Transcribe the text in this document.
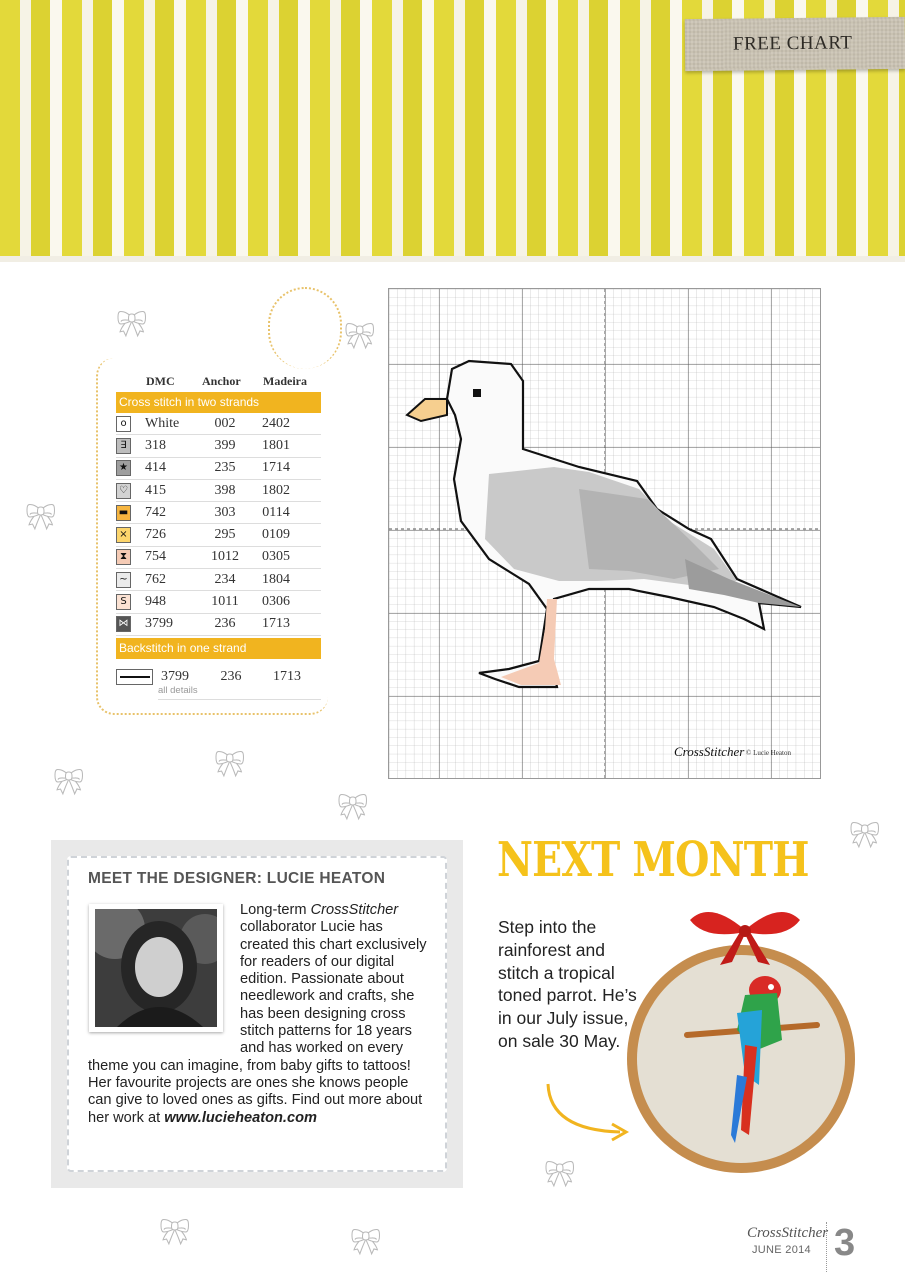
FREE CHART
🎀︎	🎀︎
🎀︎
🎀︎
🎀︎
🎀︎
🎀︎
🎀︎
🎀︎	🎀︎
DMC	Anchor	Madeira
Cross stitch in two strands
o	White	002	2402
∃	318	399	1801
★ 414	235	1714
♡ 415	398	1802
▬ 742	303	0114
× 726	295	0109
⧗ 754	1012	0305
~ 762	234	1804
S	948	1011	0306
⋈ 3799	236	1713
Backstitch in one strand
3799	236	1713
all details
CrossStitcher © Lucie Heaton
MEET THE DESIGNER: LUCIE HEATON
Long-term CrossStitcher collaborator Lucie has created this chart exclusively for readers of our digital edition. Passionate about needlework and crafts, she has been designing cross stitch patterns for 18 years and has worked on every theme you can imagine, from baby gifts to tattoos! Her favourite projects are ones she knows people can give to loved ones as gifts. Find out more about her work at www.lucieheaton.com
NEXT MONTH
Step into the rainforest and stitch a tropical toned parrot. He’s in our July issue, on sale 30 May.
CrossStitcher
JUNE 2014 3
